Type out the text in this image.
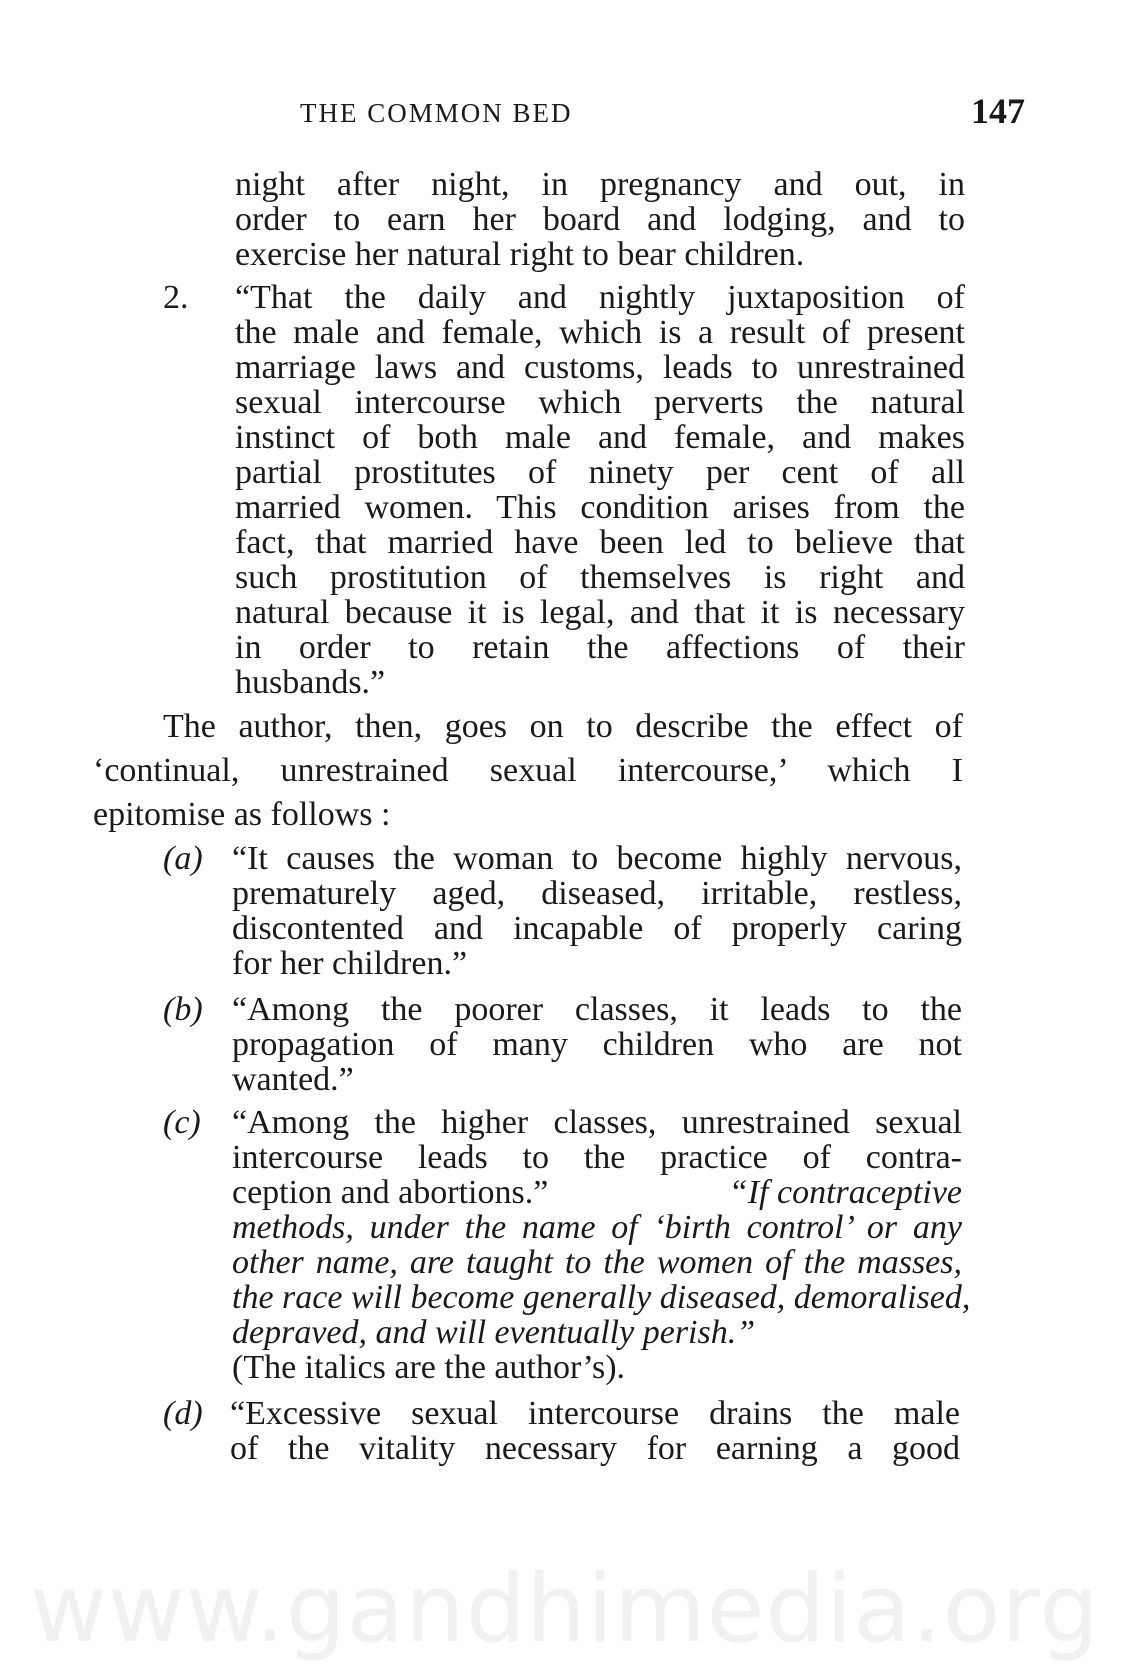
THE COMMON BED	147
night after night, in pregnancy and out, in
order to earn her board and lodging, and to
exercise her natural right to bear children.
2. “That the daily and nightly juxtaposition of
the male and female, which is a result of present
marriage laws and customs, leads to unrestrained
sexual intercourse which perverts the natural
instinct of both male and female, and makes
partial prostitutes of ninety per cent of all
married women. This condition arises from the
fact, that married have been led to believe that
such prostitution of themselves is right and
natural because it is legal, and that it is necessary
in order to retain the affections of their
husbands.”
The author, then, goes on to describe the effect of
‘continual, unrestrained sexual intercourse,’ which I
epitomise as follows :
(a) “It causes the woman to become highly nervous,
prematurely aged, diseased, irritable, restless,
discontented and incapable of properly caring
for her children.”
(b) “Among the poorer classes, it leads to the
propagation of many children who are not
wanted.”
(c) “Among the higher classes, unrestrained sexual
intercourse leads to the practice of contra-
ception and abortions.”	“If contraceptive
methods, under the name of ‘birth control’ or any
other name, are taught to the women of the masses,
the race will become generally diseased, demoralised,
depraved, and will eventually perish.”
(The italics are the author’s).
(d) “Excessive sexual intercourse drains the male
of the vitality necessary for earning a good
www.gandhimedia.org
